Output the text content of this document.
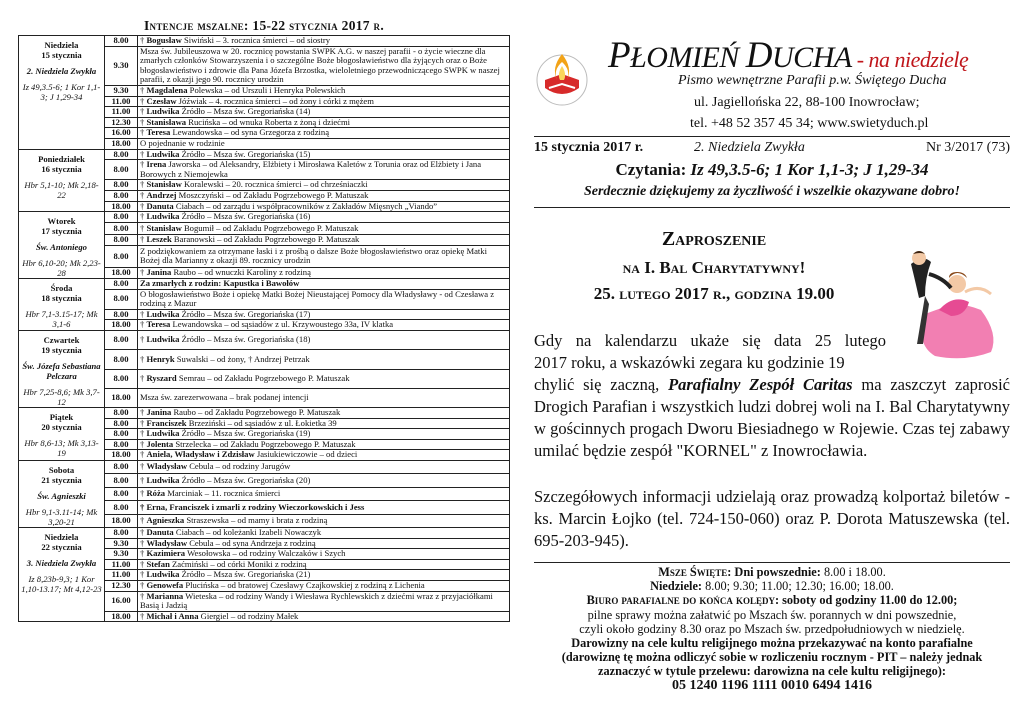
Intencje mszalne: 15-22 stycznia 2017 r.
Niedziela
15 stycznia
2. Niedziela Zwykła
Iz 49,3.5-6; 1 Kor 1,1-3; J 1,29-34	8.00	† Bogusław Siwiński – 3. rocznica śmierci – od siostry
	9.30	Msza św. Jubileuszowa w 20. rocznicę powstania SWPK A.G. w naszej parafii - o życie wieczne dla zmarłych członków Stowarzyszenia i o szczególne Boże błogosławieństwo dla żyjących oraz o Boże błogosławieństwo i zdrowie dla Pana Józefa Brzostka, wieloletniego przewodniczącego SWPK w naszej parafii, z okazji jego 90. rocznicy urodzin
	9.30	† Magdalena Polewska – od Urszuli i Henryka Polewskich
	11.00	† Czesław Jóźwiak – 4. rocznica śmierci – od żony i córki z mężem
	11.00	† Ludwika Źródło – Msza św. Gregoriańska (14)
	12.30	† Stanisława Rucińska – od wnuka Roberta z żoną i dziećmi
	16.00	† Teresa Lewandowska – od syna Grzegorza z rodziną
	18.00	O pojednanie w rodzinie

Poniedziałek
16 stycznia
Hbr 5,1-10; Mk 2,18-22	8.00	† Ludwika Źródło – Msza św. Gregoriańska (15)
	8.00	† Irena Jaworska – od Aleksandry, Elżbiety i Mirosława Kaletów z Torunia oraz od Elżbiety i Jana Borowych z Niemojewka
	8.00	† Stanisław Koralewski – 20. rocznica śmierci – od chrześniaczki
	8.00	† Andrzej Moszczyński – od Zakładu Pogrzebowego P. Matuszak
	18.00	† Danuta Ciabach – od zarządu i współpracowników z Zakładów Mięsnych „Viando”

Wtorek
17 stycznia
Św. Antoniego
Hbr 6,10-20; Mk 2,23-28	8.00	† Ludwika Źródło – Msza św. Gregoriańska (16)
	8.00	† Stanisław Bogumił – od Zakładu Pogrzebowego P. Matuszak
	8.00	† Leszek Baranowski – od Zakładu Pogrzebowego P. Matuszak
	8.00	Z podziękowaniem za otrzymane łaski i z prośbą o dalsze Boże błogosławieństwo oraz opiekę Matki Bożej dla Marianny z okazji 89. rocznicy urodzin
	18.00	† Janina Raubo – od wnuczki Karoliny z rodziną

Środa
18 stycznia
Hbr 7,1-3.15-17; Mk 3,1-6	8.00	Za zmarłych z rodzin: Kapustka i Bawołów
	8.00	O błogosławieństwo Boże i opiekę Matki Bożej Nieustającej Pomocy dla Władysławy - od Czesława z rodziną z Mazur
	8.00	† Ludwika Źródło – Msza św. Gregoriańska (17)
	18.00	† Teresa Lewandowska – od sąsiadów z ul. Krzywoustego 33a, IV klatka

Czwartek
19 stycznia
Św. Józefa Sebastiana Pelczara
Hbr 7,25-8,6; Mk 3,7-12	8.00	† Ludwika Źródło – Msza św. Gregoriańska (18)
	8.00	† Henryk Suwalski – od żony, † Andrzej Petrzak
	8.00	† Ryszard Semrau – od Zakładu Pogrzebowego P. Matuszak
	18.00	Msza św. zarezerwowana – brak podanej intencji

Piątek
20 stycznia
Hbr 8,6-13; Mk 3,13-19	8.00	† Janina Raubo – od Zakładu Pogrzebowego P. Matuszak
	8.00	† Franciszek Brzeziński – od sąsiadów z ul. Łokietka 39
	8.00	† Ludwika Źródło – Msza św. Gregoriańska (19)
	8.00	† Jolenta Strzelecka – od Zakładu Pogrzebowego P. Matuszak
	18.00	† Aniela, Władysław i Zdzisław Jasiukiewiczowie – od dzieci

Sobota
21 stycznia
Św. Agnieszki
Hbr 9,1-3.11-14; Mk 3,20-21	8.00	† Władysław Cebula – od rodziny Jarugów
	8.00	† Ludwika Źródło – Msza św. Gregoriańska (20)
	8.00	† Róża Marciniak – 11. rocznica śmierci
	8.00	† Erna, Franciszek i zmarli z rodziny Wieczorkowskich i Jess
	18.00	† Agnieszka Straszewska – od mamy i brata z rodziną

Niedziela
22 stycznia
3. Niedziela Zwykła
Iz 8,23b-9,3; 1 Kor 1,10-13.17; Mt 4,12-23	8.00	† Danuta Ciabach – od koleżanki Izabeli Nowaczyk
	9.30	† Władysław Cebula – od syna Andrzeja z rodziną
	9.30	† Kazimiera Wesołowska – od rodziny Walczaków i Szych
	11.00	† Stefan Zaćmiński – od córki Moniki z rodziną
	11.00	† Ludwika Źródło – Msza św. Gregoriańska (21)
	12.30	† Genowefa Plucińska – od bratowej Czesławy Czajkowskiej z rodziną z Lichenia
	16.00	† Marianna Wieteska – od rodziny Wandy i Wiesława Rychlewskich z dziećmi wraz z przyjaciółkami Basią i Jadzią
	18.00	† Michał i Anna Giergiel – od rodziny Małek
PŁOMIEŃ DUCHA - na niedzielę
Pismo wewnętrzne Parafii p.w. Świętego Ducha
ul. Jagiellońska 22, 88-100 Inowrocław;
tel. +48 52 357 45 34; www.swietyduch.pl
15 stycznia 2017 r.	2. Niedziela Zwykła	Nr 3/2017 (73)
Czytania: Iz 49,3.5-6; 1 Kor 1,1-3; J 1,29-34
Serdecznie dziękujemy za życzliwość i wszelkie okazywane dobro!
Zaproszenie
na I. Bal Charytatywny!
25. lutego 2017 r., godzina 19.00
Gdy na kalendarzu ukaże się data 25 lutego
2017 roku, a wskazówki zegara ku godzinie 19
chylić się zaczną, Parafialny Zespół Caritas ma zaszczyt zaprosić Drogich Parafian i wszystkich ludzi dobrej woli na I. Bal Charytatywny w gościnnych progach Dworu Biesiadnego w Rojewie. Czas tej zabawy umilać będzie zespół "KORNEL" z Inowrocławia.
Szczegółowych informacji udzielają oraz prowadzą kolportaż biletów - ks. Marcin Łojko (tel. 724-150-060) oraz P. Dorota Matuszewska (tel. 695-203-945).
Msze Święte: Dni powszednie: 8.00 i 18.00.
Niedziele: 8.00; 9.30; 11.00; 12.30; 16.00; 18.00.
Biuro parafialne do końca kolędy: soboty od godziny 11.00 do 12.00;
pilne sprawy można załatwić po Mszach św. porannych w dni powszednie,
czyli około godziny 8.30 oraz po Mszach św. przedpołudniowych w niedzielę.
Darowizny na cele kultu religijnego można przekazywać na konto parafialne
(darowiznę tę można odliczyć sobie w rozliczeniu rocznym - PIT – należy jednak
zaznaczyć w tytule przelewu: darowizna na cele kultu religijnego):
05 1240 1196 1111 0010 6494 1416
